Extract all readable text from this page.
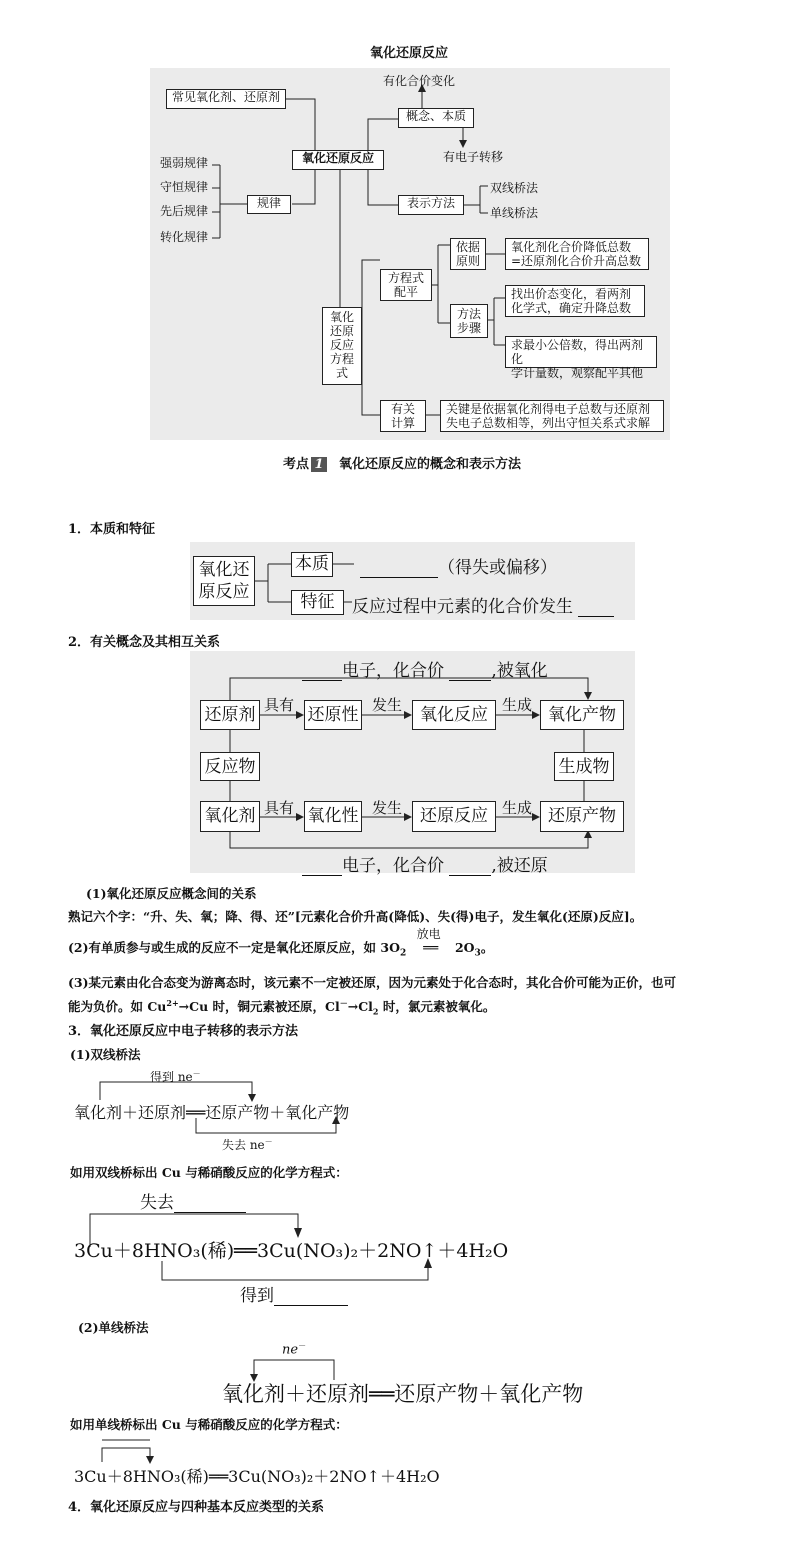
氧化还原反应
常见氧化剂、还原剂
氧化还原反应
规律
强弱规律
守恒规律
先后规律
转化规律
概念、本质
有化合价变化
有电子转移
表示方法
双线桥法
单线桥法
氧化
还原
反应
方程
式
方程式
配平
依据
原则
氧化剂化合价降低总数
=还原剂化合价升高总数
方法
步骤
找出价态变化，看两剂
化学式，确定升降总数
求最小公倍数，得出两剂化
学计量数，观察配平其他
有关
计算
关键是依据氧化剂得电子总数与还原剂
失电子总数相等，列出守恒关系式求解
考点 1 氧化还原反应的概念和表示方法
1．本质和特征
氧化还
原反应
本质
特征
（得失或偏移）
反应过程中元素的化合价发生
2．有关概念及其相互关系
电子，化合价	,被氧化
电子，化合价	,被还原
还原剂	还原性	氧化反应	氧化产物
氧化剂	氧化性	还原反应	还原产物
反应物	生成物
具有	发生	生成
具有	发生	生成
(1)氧化还原反应概念间的关系
熟记六个字：“升、失、氧；降、得、还”[元素化合价升高(降低)、失(得)电子，发生氧化(还原)反应]。
(2)有单质参与或生成的反应不一定是氧化还原反应，如 $3O_2$
放电
══ $2O_3$。
(3)某元素由化合态变为游离态时，该元素不一定被还原，因为元素处于化合态时，其化合价可能为正价，也可
能为负价。如 $Cu^{2+}\to Cu$ 时，铜元素被还原，$Cl^-\to Cl_2$ 时，氯元素被氧化。
3．氧化还原反应中电子转移的表示方法
(1)双线桥法
得到 ne－
氧化剂＋还原剂══还原产物＋氧化产物
失去 ne－
如用双线桥标出 Cu 与稀硝酸反应的化学方程式：
失去
3Cu＋8HNO₃(稀)══3Cu(NO₃)₂＋2NO↑＋4H₂O
得到
(2)单线桥法
ne－
氧化剂＋还原剂══还原产物＋氧化产物
如用单线桥标出 Cu 与稀硝酸反应的化学方程式：
3Cu＋8HNO₃(稀)══3Cu(NO₃)₂＋2NO↑＋4H₂O
4．氧化还原反应与四种基本反应类型的关系
